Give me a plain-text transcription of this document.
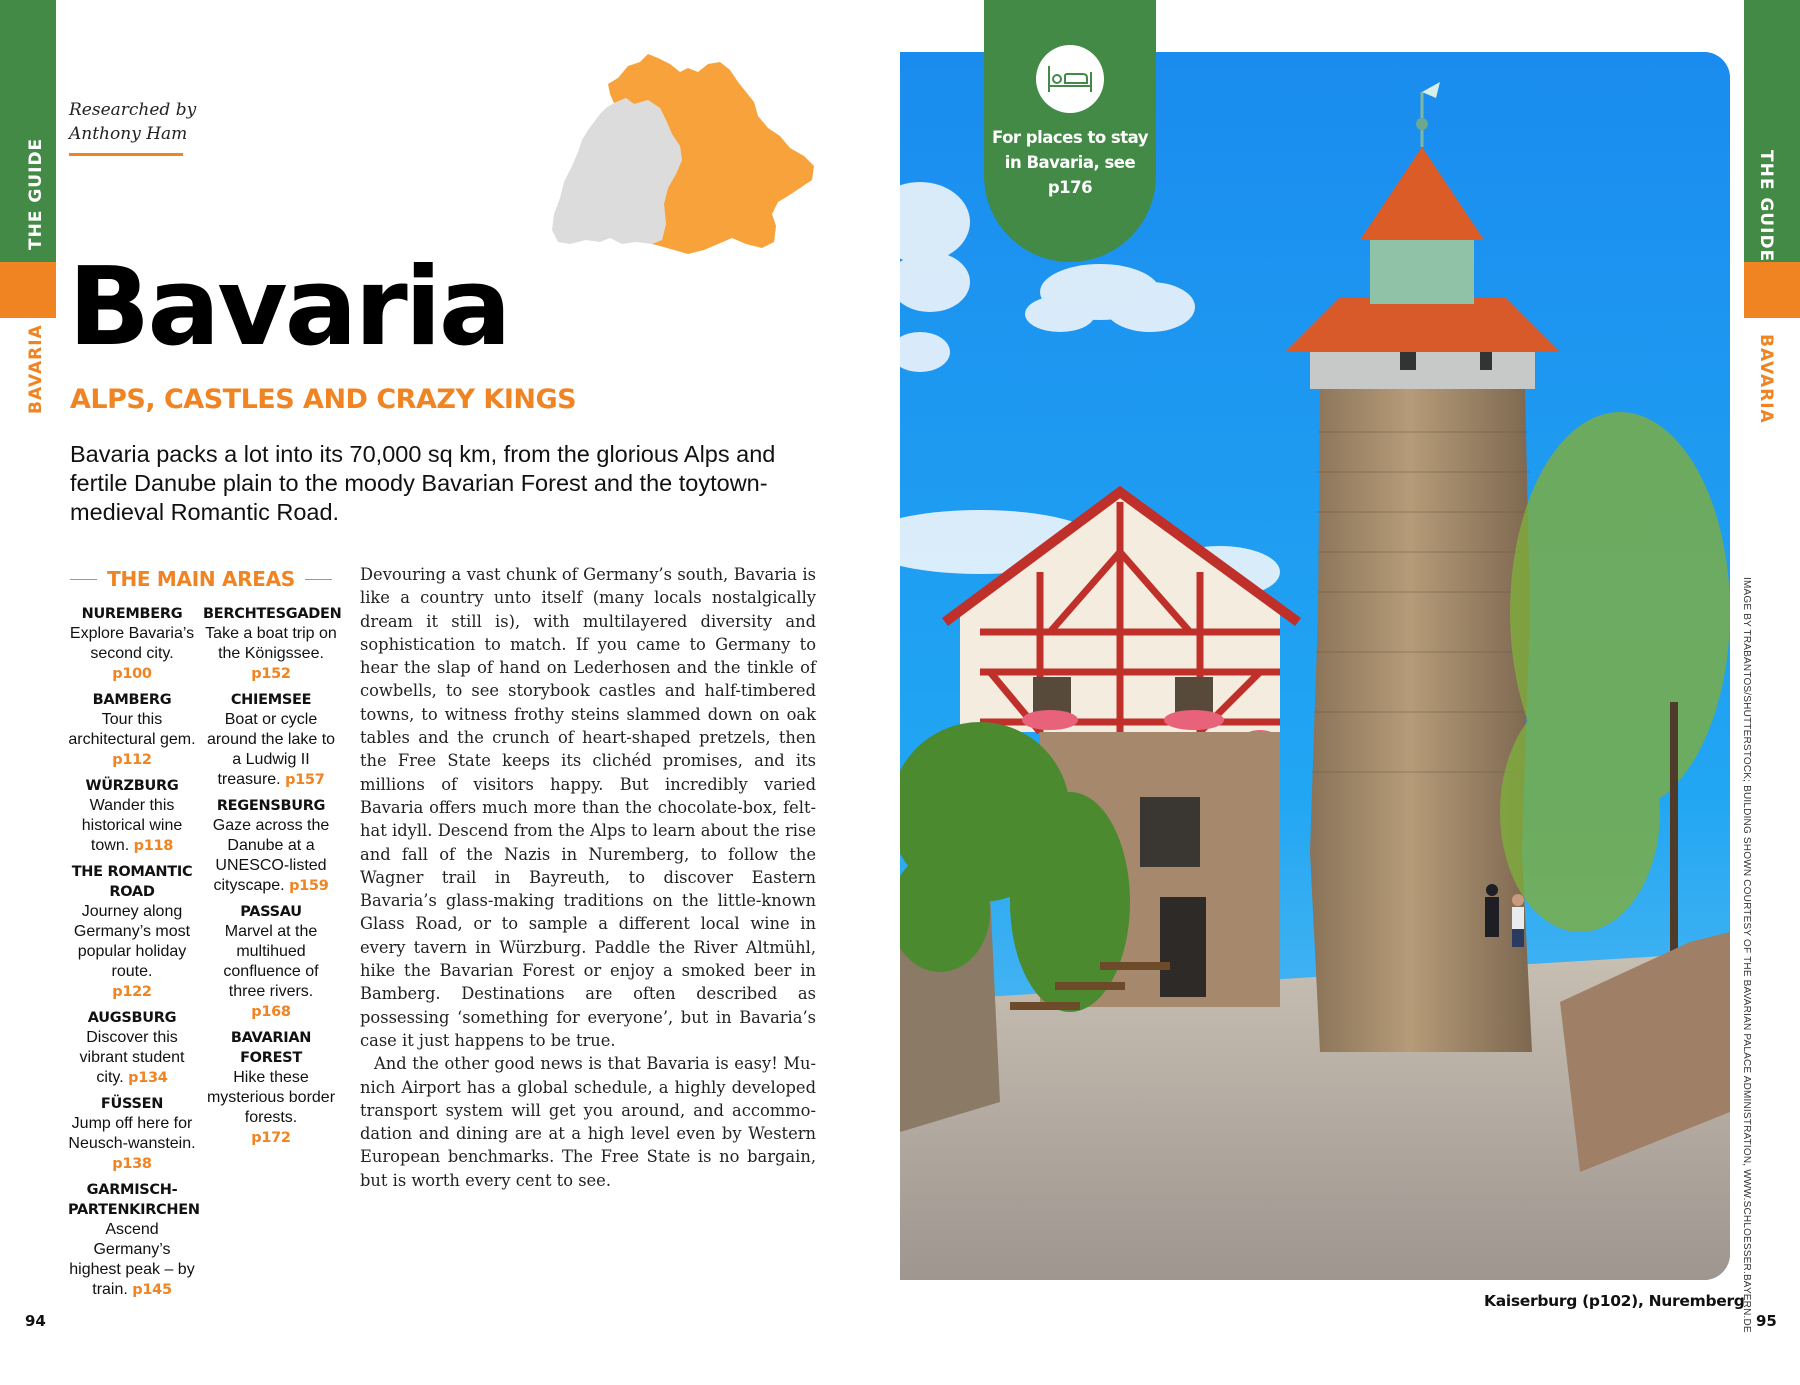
THE GUIDE
BAVARIA
THE GUIDE
BAVARIA
Researched by
Anthony Ham
Bavaria
ALPS, CASTLES AND CRAZY KINGS
Bavaria packs a lot into its 70,000 sq km, from the glorious Alps and fertile Danube plain to the moody Bavarian Forest and the toytown-medieval Romantic Road.
THE MAIN AREAS
NUREMBERG
Explore Bavaria’s second city.
p100
BAMBERG
Tour this architectural gem. p112
WÜRZBURG
Wander this historical wine town. p118
THE ROMANTIC ROAD
Journey along Germany’s most popular holiday route.
p122
AUGSBURG
Discover this vibrant student city. p134
FÜSSEN
Jump off here for Neusch-wanstein. p138
GARMISCH-PARTENKIRCHEN
Ascend Germany’s highest peak – by train. p145
BERCHTESGADEN
Take a boat trip on the Königssee.
p152
CHIEMSEE
Boat or cycle around the lake to a Ludwig II treasure. p157
REGENSBURG
Gaze across the Danube at a UNESCO-listed cityscape. p159
PASSAU
Marvel at the multihued confluence of three rivers.
p168
BAVARIAN FOREST
Hike these mysterious border forests.
p172

Devouring a vast chunk of Germany’s south, Bavaria is like a country unto itself (many locals nostalgically dream it still is), with multilayered diversity and sophistication to match. If you came to Germany to hear the slap of hand on Lederhosen and the tinkle of cowbells, to see storybook castles and half-timbered towns, to witness frothy steins slammed down on oak tables and the crunch of heart-shaped pretzels, then the Free State keeps its clichéd promises, and its millions of visitors happy. But incredibly varied Bavaria offers much more than the chocolate-box, felt-hat idyll. Descend from the Alps to learn about the rise and fall of the Nazis in Nuremberg, to follow the Wagner trail in Bayreuth, to discover Eastern Bavaria’s glass-making traditions on the little-known Glass Road, or to sample a different local wine in every tavern in Würzburg. Paddle the River Altmühl, hike the Bavarian Forest or enjoy a smoked beer in Bamberg. Destinations are often described as possessing ‘something for everyone’, but in Bavaria’s case it just happens to be true.

And the other good news is that Bavaria is easy! Munich Airport has a global schedule, a highly developed transport system will get you around, and accommodation and dining are at a high level even by Western European benchmarks. The Free State is no bargain, but is worth every cent to see.

94
For places to stay
in Bavaria, see
p176
IMAGE BY TRABANTOS/SHUTTERSTOCK; BUILDING SHOWN COURTESY OF THE BAVARIAN PALACE ADMINISTRATION, WWW.SCHLOESSER.BAYERN.DE
Kaiserburg (p102), Nuremberg
95
